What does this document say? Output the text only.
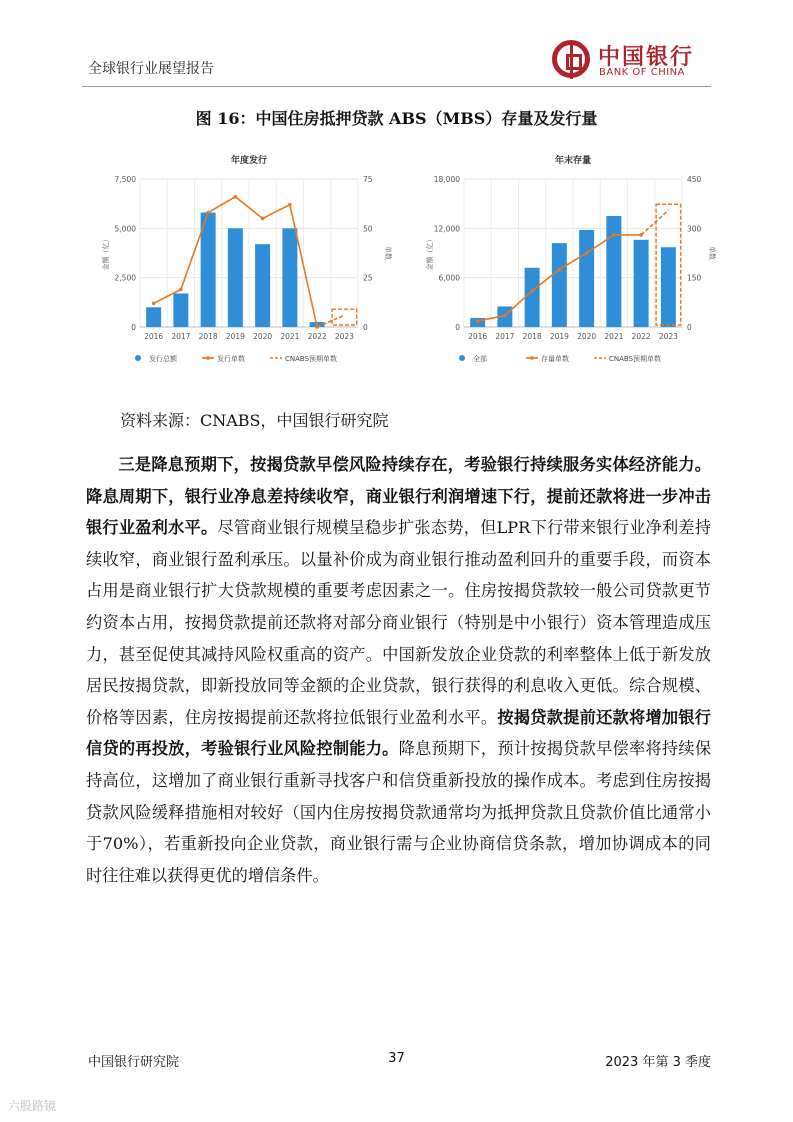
全球银行业展望报告	中国银行
BANK OF CHINA
图 16：中国住房抵押贷款 ABS（MBS）存量及发行量
年度发行
7,500
5,000
2,500
0
75
50
25
0
金额（亿）	单数
2016 2017 2018 2019 2020 2021 2022 2023
发行总额	发行单数	CNABS预期单数
年末存量
18,000
12,000
6,000
0
450
300
150
0
金额（亿）	单数
2016 2017 2018 2019 2020 2021 2022 2023
全部	存量单数	CNABS预期单数
资料来源：CNABS，中国银行研究院

三是降息预期下，按揭贷款早偿风险持续存在，考验银行持续服务实体经济能力。降息周期下，银行业净息差持续收窄，商业银行利润增速下行，提前还款将进一步冲击银行业盈利水平。尽管商业银行规模呈稳步扩张态势，但LPR下行带来银行业净利差持续收窄，商业银行盈利承压。以量补价成为商业银行推动盈利回升的重要手段，而资本占用是商业银行扩大贷款规模的重要考虑因素之一。住房按揭贷款较一般公司贷款更节约资本占用，按揭贷款提前还款将对部分商业银行（特别是中小银行）资本管理造成压力，甚至促使其减持风险权重高的资产。中国新发放企业贷款的利率整体上低于新发放居民按揭贷款，即新投放同等金额的企业贷款，银行获得的利息收入更低。综合规模、价格等因素，住房按揭提前还款将拉低银行业盈利水平。按揭贷款提前还款将增加银行信贷的再投放，考验银行业风险控制能力。降息预期下，预计按揭贷款早偿率将持续保持高位，这增加了商业银行重新寻找客户和信贷重新投放的操作成本。考虑到住房按揭贷款风险缓释措施相对较好（国内住房按揭贷款通常均为抵押贷款且贷款价值比通常小于70%），若重新投向企业贷款，商业银行需与企业协商信贷条款，增加协调成本的同时往往难以获得更优的增信条件。

中国银行研究院	37	2023 年第 3 季度
六股路镜
